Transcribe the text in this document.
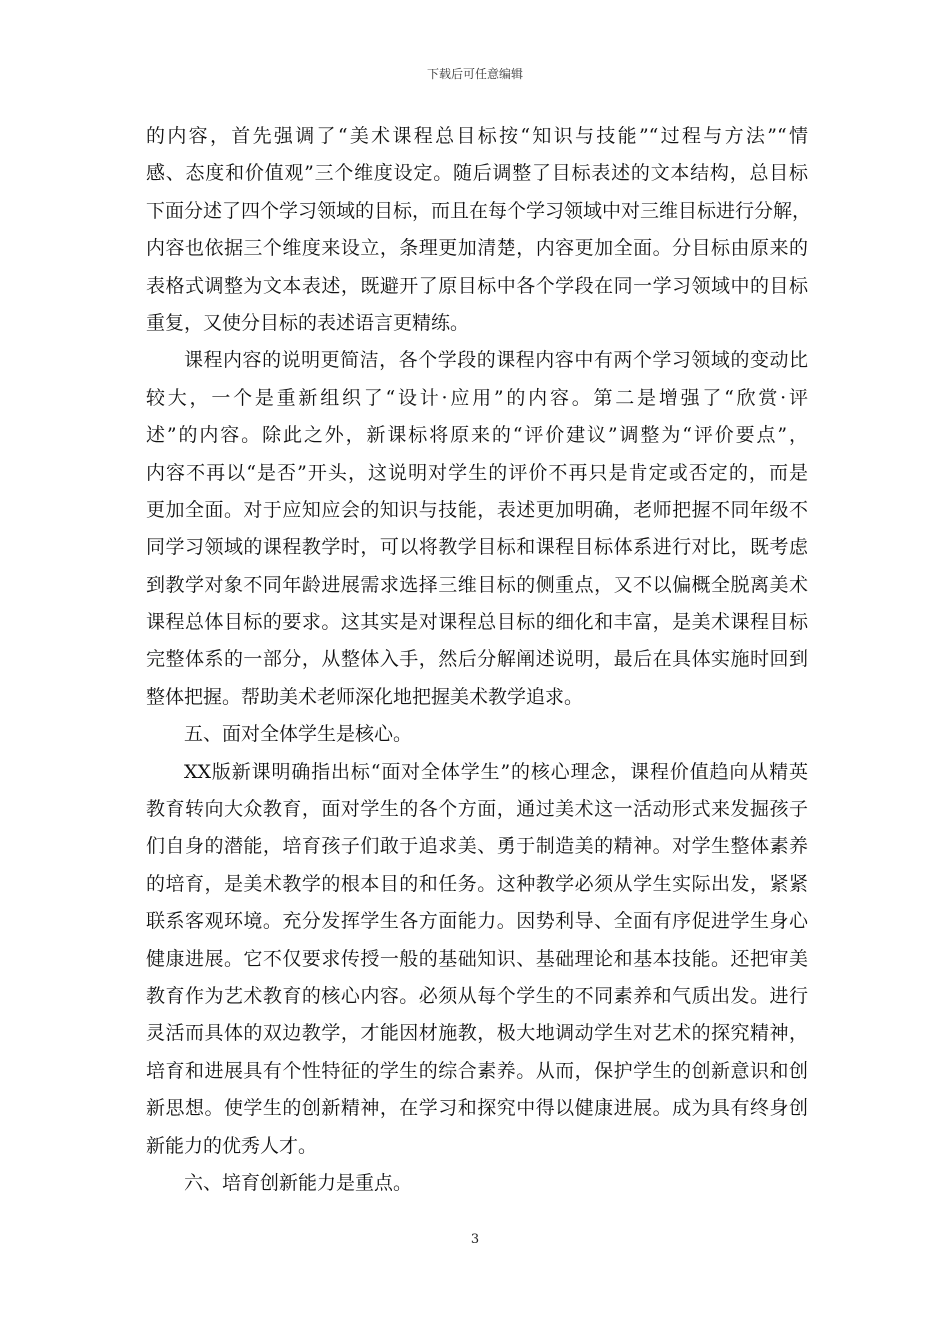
下载后可任意编辑
的内容，首先强调了“美术课程总目标按“知识与技能”“过程与方法”“情
感、态度和价值观”三个维度设定。随后调整了目标表述的文本结构，总目标
下面分述了四个学习领域的目标，而且在每个学习领域中对三维目标进行分解，
内容也依据三个维度来设立，条理更加清楚，内容更加全面。分目标由原来的
表格式调整为文本表述，既避开了原目标中各个学段在同一学习领域中的目标
重复，又使分目标的表述语言更精练。
课程内容的说明更简洁，各个学段的课程内容中有两个学习领域的变动比
较大，一个是重新组织了“设计·应用”的内容。第二是增强了“欣赏·评
述”的内容。除此之外，新课标将原来的“评价建议”调整为“评价要点”，
内容不再以“是否”开头，这说明对学生的评价不再只是肯定或否定的，而是
更加全面。对于应知应会的知识与技能，表述更加明确，老师把握不同年级不
同学习领域的课程教学时，可以将教学目标和课程目标体系进行对比，既考虑
到教学对象不同年龄进展需求选择三维目标的侧重点，又不以偏概全脱离美术
课程总体目标的要求。这其实是对课程总目标的细化和丰富，是美术课程目标
完整体系的一部分，从整体入手，然后分解阐述说明，最后在具体实施时回到
整体把握。帮助美术老师深化地把握美术教学追求。
五、面对全体学生是核心。
XX版新课明确指出标“面对全体学生”的核心理念，课程价值趋向从精英
教育转向大众教育，面对学生的各个方面，通过美术这一活动形式来发掘孩子
们自身的潜能，培育孩子们敢于追求美、勇于制造美的精神。对学生整体素养
的培育，是美术教学的根本目的和任务。这种教学必须从学生实际出发，紧紧
联系客观环境。充分发挥学生各方面能力。因势利导、全面有序促进学生身心
健康进展。它不仅要求传授一般的基础知识、基础理论和基本技能。还把审美
教育作为艺术教育的核心内容。必须从每个学生的不同素养和气质出发。进行
灵活而具体的双边教学，才能因材施教，极大地调动学生对艺术的探究精神，
培育和进展具有个性特征的学生的综合素养。从而，保护学生的创新意识和创
新思想。使学生的创新精神，在学习和探究中得以健康进展。成为具有终身创
新能力的优秀人才。
六、培育创新能力是重点。
3
